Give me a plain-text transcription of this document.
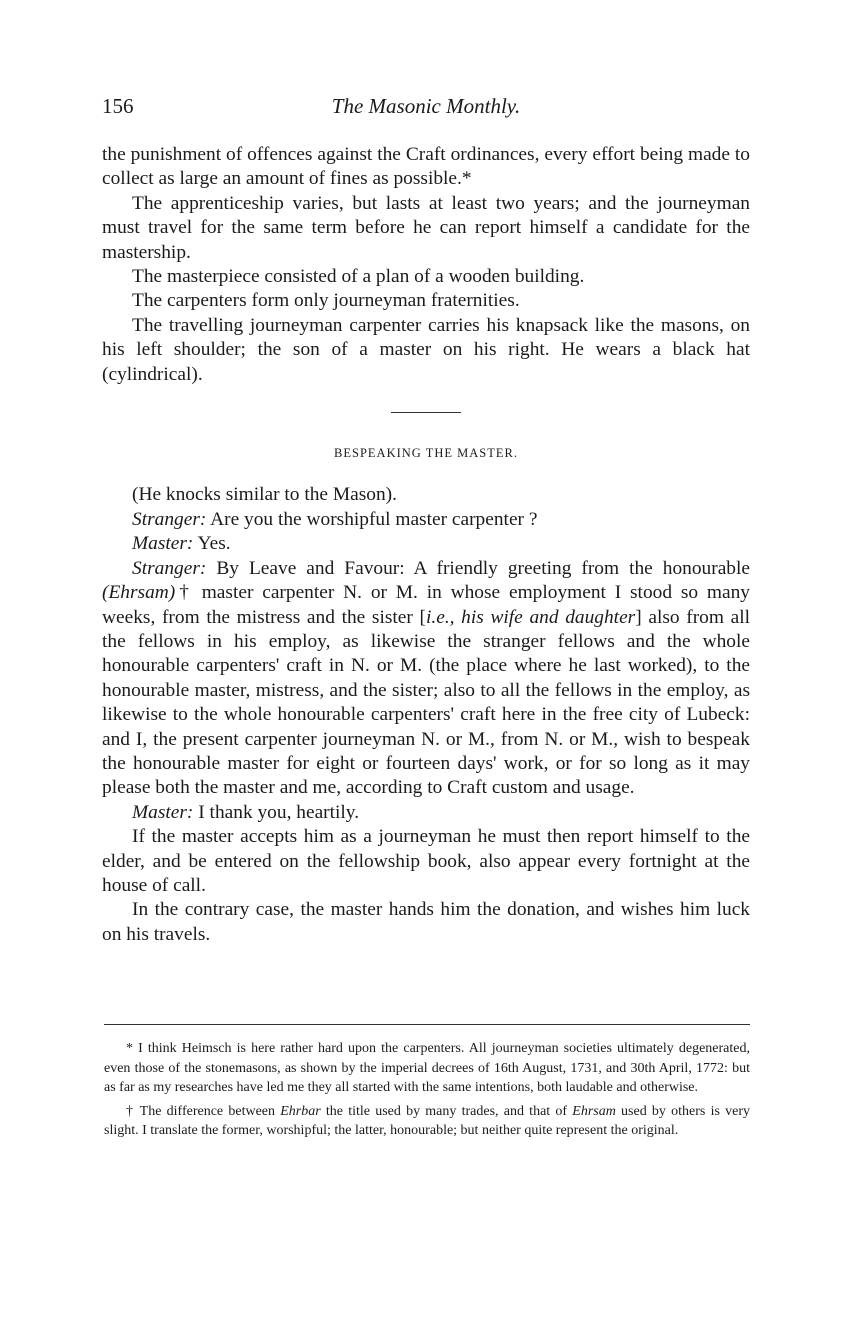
156	The Masonic Monthly.

the punishment of offences against the Craft ordinances, every effort being made to collect as large an amount of fines as possible.*

The apprenticeship varies, but lasts at least two years; and the journeyman must travel for the same term before he can report himself a candidate for the mastership.

The masterpiece consisted of a plan of a wooden building.

The carpenters form only journeyman fraternities.

The travelling journeyman carpenter carries his knapsack like the masons, on his left shoulder; the son of a master on his right. He wears a black hat (cylindrical).

BESPEAKING THE MASTER.

(He knocks similar to the Mason).

Stranger: Are you the worshipful master carpenter ?

Master: Yes.

Stranger: By Leave and Favour: A friendly greeting from the honourable (Ehrsam)† master carpenter N. or M. in whose employment I stood so many weeks, from the mistress and the sister [i.e., his wife and daughter] also from all the fellows in his employ, as likewise the stranger fellows and the whole honourable carpenters' craft in N. or M. (the place where he last worked), to the honourable master, mistress, and the sister; also to all the fellows in the employ, as likewise to the whole honourable carpenters' craft here in the free city of Lubeck: and I, the present carpenter journeyman N. or M., from N. or M., wish to bespeak the honourable master for eight or fourteen days' work, or for so long as it may please both the master and me, according to Craft custom and usage.

Master: I thank you, heartily.

If the master accepts him as a journeyman he must then report himself to the elder, and be entered on the fellowship book, also appear every fortnight at the house of call.

In the contrary case, the master hands him the donation, and wishes him luck on his travels.

* I think Heimsch is here rather hard upon the carpenters. All journeyman societies ultimately degenerated, even those of the stonemasons, as shown by the imperial decrees of 16th August, 1731, and 30th April, 1772: but as far as my researches have led me they all started with the same intentions, both laudable and otherwise.

† The difference between Ehrbar the title used by many trades, and that of Ehrsam used by others is very slight. I translate the former, worshipful; the latter, honourable; but neither quite represent the original.
